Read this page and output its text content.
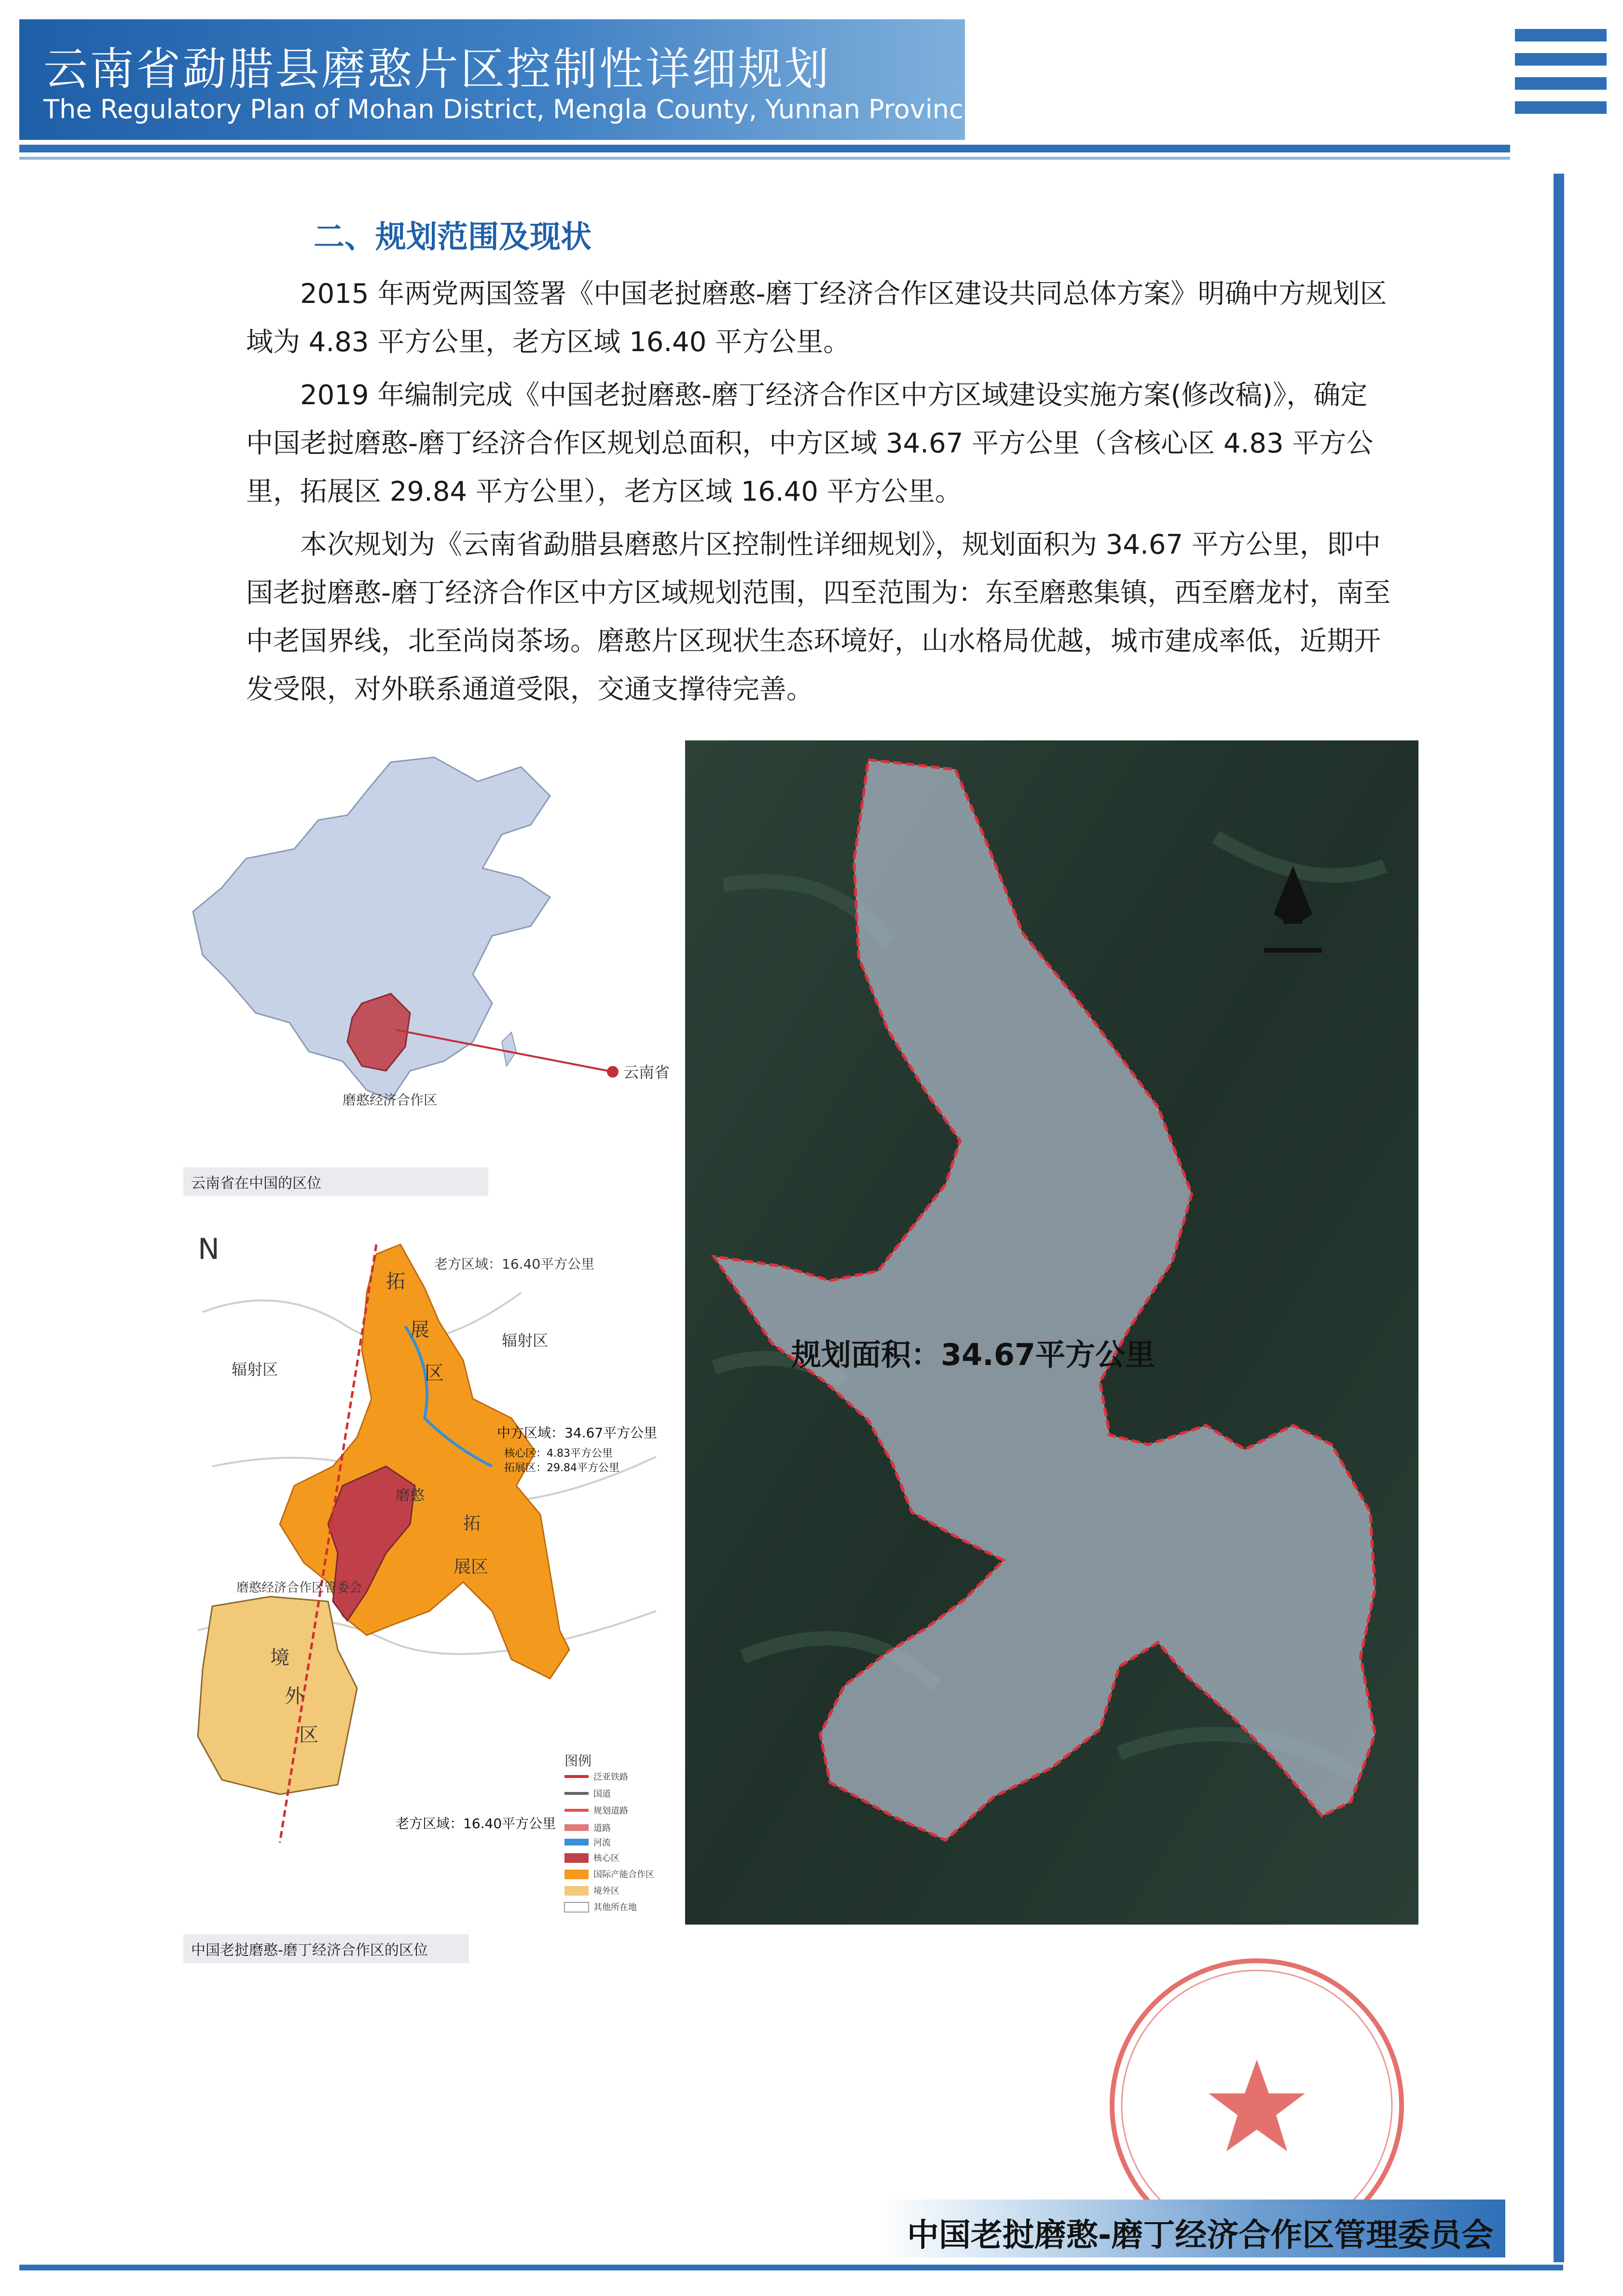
云南省勐腊县磨憨片区控制性详细规划
The Regulatory Plan of Mohan District, Mengla County, Yunnan Province
二、规划范围及现状
2015 年两党两国签署《中国老挝磨憨-磨丁经济合作区建设共同总体方案》明确中方规划区域为 4.83 平方公里，老方区域 16.40 平方公里。
2019 年编制完成《中国老挝磨憨-磨丁经济合作区中方区域建设实施方案(修改稿)》，确定中国老挝磨憨-磨丁经济合作区规划总面积，中方区域 34.67 平方公里（含核心区 4.83 平方公里，拓展区 29.84 平方公里），老方区域 16.40 平方公里。
本次规划为《云南省勐腊县磨憨片区控制性详细规划》，规划面积为 34.67 平方公里，即中国老挝磨憨-磨丁经济合作区中方区域规划范围，四至范围为：东至磨憨集镇，西至磨龙村，南至中老国界线，北至尚岗茶场。磨憨片区现状生态环境好，山水格局优越，城市建成率低，近期开发受限，对外联系通道受限，交通支撑待完善。
云南省
磨憨经济合作区
云南省在中国的区位
N	老方区域：16.40平方公里
辐射区
辐射区
拓
展
区
中方区域：34.67平方公里
核心区：4.83平方公里
拓展区：29.84平方公里
磨憨
拓
展区
磨憨经济合作区管委会
境
外
区
老方区域：16.40平方公里
图例
泛亚铁路
国道
规划道路
道路
河流
核心区
国际产能合作区
境外区
其他所在地
中国老挝磨憨-磨丁经济合作区的区位
规划面积：34.67平方公里
中国老挝磨憨-磨丁经济合作区管理委员会
